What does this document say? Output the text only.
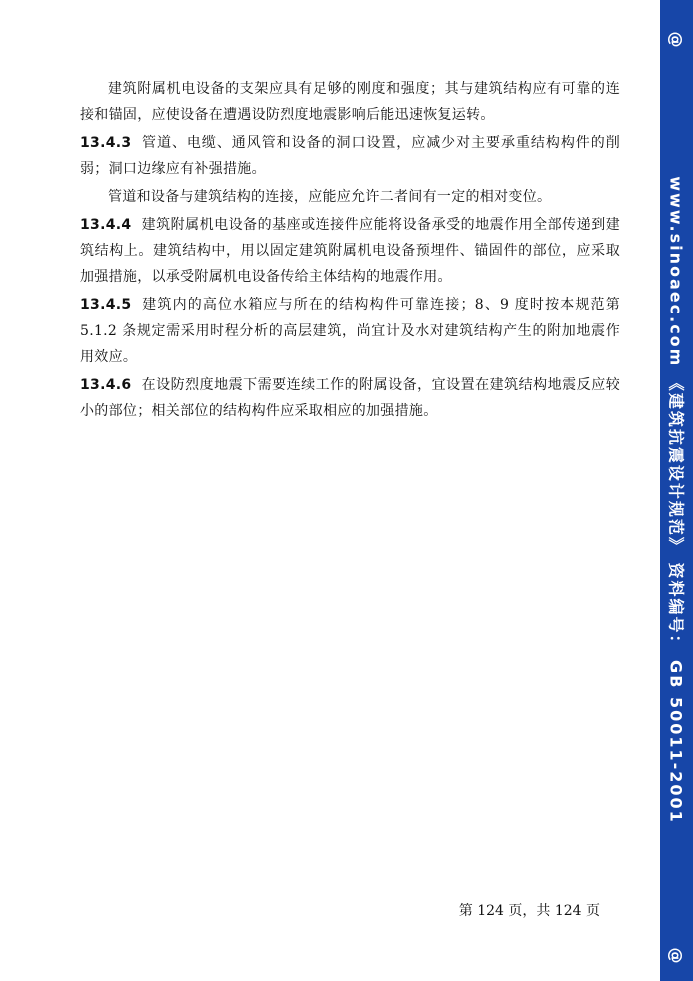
建筑附属机电设备的支架应具有足够的刚度和强度；其与建筑结构应有可靠的连接和锚固，应使设备在遭遇设防烈度地震影响后能迅速恢复运转。

13.4.3 管道、电缆、通风管和设备的洞口设置，应减少对主要承重结构构件的削弱；洞口边缘应有补强措施。

管道和设备与建筑结构的连接，应能应允许二者间有一定的相对变位。

13.4.4 建筑附属机电设备的基座或连接件应能将设备承受的地震作用全部传递到建筑结构上。建筑结构中，用以固定建筑附属机电设备预埋件、锚固件的部位，应采取加强措施，以承受附属机电设备传给主体结构的地震作用。

13.4.5 建筑内的高位水箱应与所在的结构构件可靠连接；8、9 度时按本规范第 5.1.2 条规定需采用时程分析的高层建筑，尚宜计及水对建筑结构产生的附加地震作用效应。

13.4.6 在设防烈度地震下需要连续工作的附属设备，宜设置在建筑结构地震反应较小的部位；相关部位的结构构件应采取相应的加强措施。

第 124 页，共 124 页
@
www.sinoaec.com 《建筑抗震设计规范》 资料编号： GB 50011-2001
@
